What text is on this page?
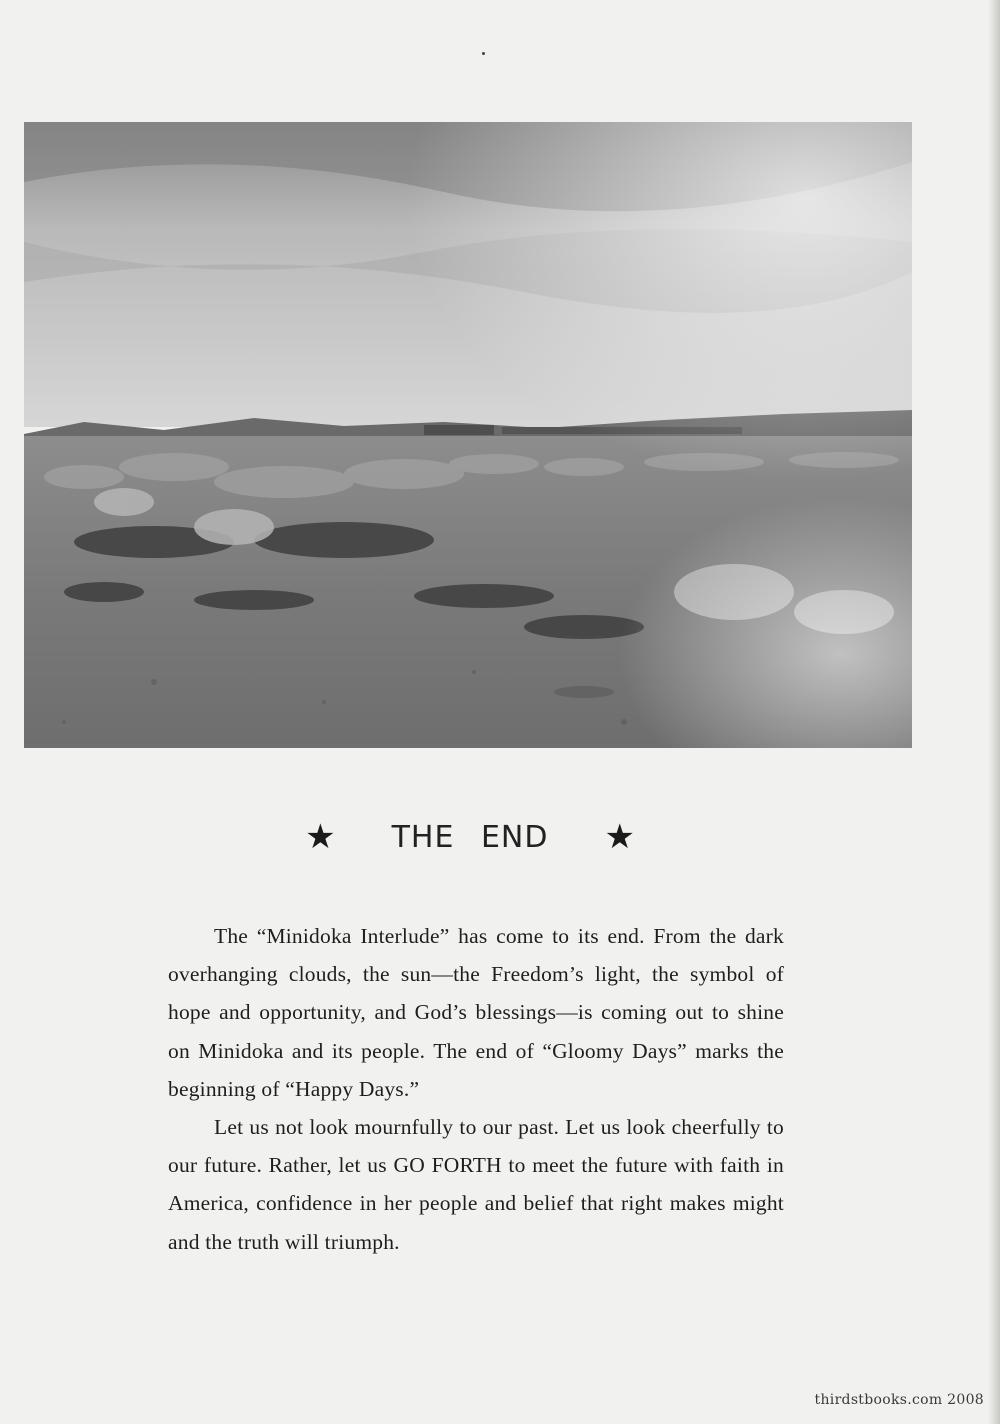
★ THE END ★

The “Minidoka Interlude” has come to its end. From the dark overhanging clouds, the sun—the Freedom’s light, the symbol of hope and opportunity, and God’s blessings—is coming out to shine on Minidoka and its people. The end of “Gloomy Days” marks the beginning of “Happy Days.”

Let us not look mournfully to our past. Let us look cheerfully to our future. Rather, let us GO FORTH to meet the future with faith in America, confidence in her people and belief that right makes might and the truth will triumph.

thirdstbooks.com 2008
